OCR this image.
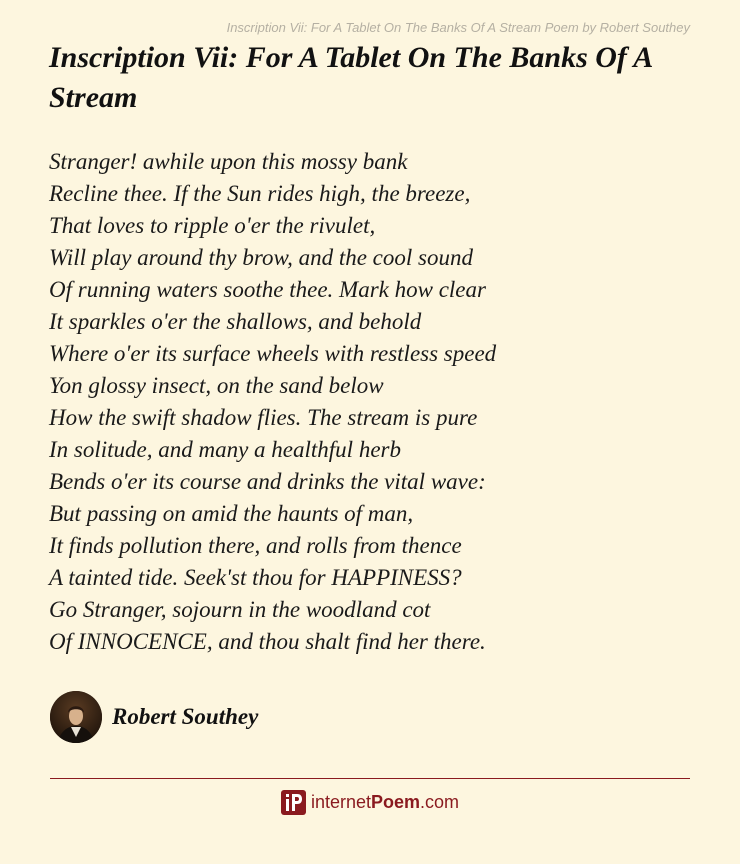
Inscription Vii: For A Tablet On The Banks Of A Stream Poem by Robert Southey
Inscription Vii: For A Tablet On The Banks Of A Stream
Stranger! awhile upon this mossy bank
Recline thee. If the Sun rides high, the breeze,
That loves to ripple o'er the rivulet,
Will play around thy brow, and the cool sound
Of running waters soothe thee. Mark how clear
It sparkles o'er the shallows, and behold
Where o'er its surface wheels with restless speed
Yon glossy insect, on the sand below
How the swift shadow flies. The stream is pure
In solitude, and many a healthful herb
Bends o'er its course and drinks the vital wave:
But passing on amid the haunts of man,
It finds pollution there, and rolls from thence
A tainted tide. Seek'st thou for HAPPINESS?
Go Stranger, sojourn in the woodland cot
Of INNOCENCE, and thou shalt find her there.
Robert Southey
internet Poem .com
